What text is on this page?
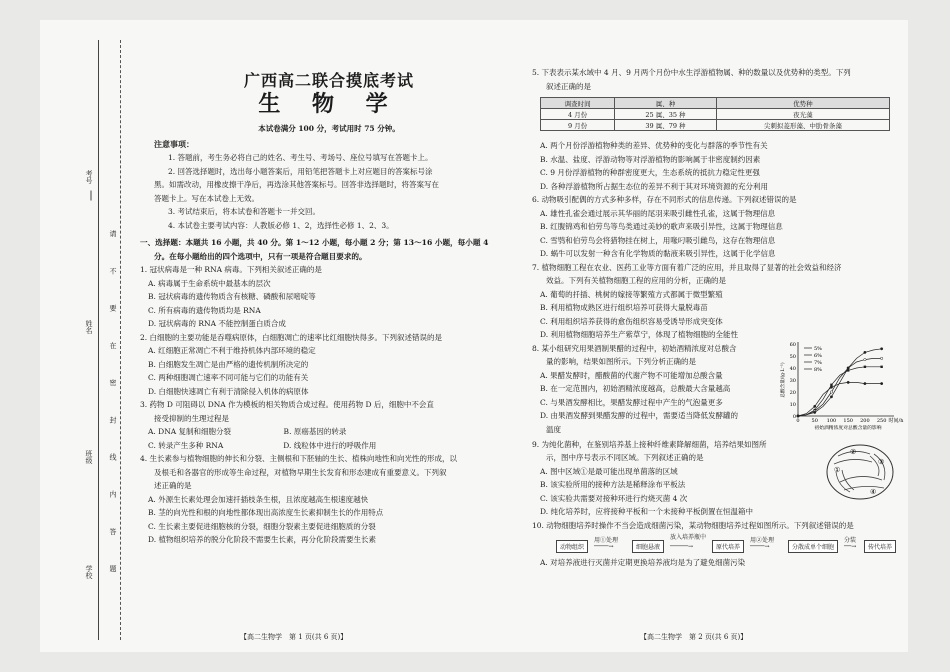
考号
姓名
班级
学校 请 不 要 在 密 封 线 内 答 题
广西高二联合摸底考试
生 物 学

本试卷满分 100 分，考试用时 75 分钟。

注意事项：

1. 答题前，考生务必将自己的姓名、考生号、考场号、座位号填写在答题卡上。

2. 回答选择题时，选出每小题答案后，用铅笔把答题卡上对应题目的答案标号涂

黑。如需改动，用橡皮擦干净后，再选涂其他答案标号。回答非选择题时，将答案写在

答题卡上。写在本试卷上无效。

3. 考试结束后，将本试卷和答题卡一并交回。

4. 本试卷主要考试内容：人教版必修 1、2，选择性必修 1、2、3。

一、选择题：本题共 16 小题，共 40 分。第 1～12 小题，每小题 2 分；第 13～16 小题，每小题 4

分。在每小题给出的四个选项中，只有一项是符合题目要求的。

1. 冠状病毒是一种 RNA 病毒。下列相关叙述正确的是

A. 病毒属于生命系统中最基本的层次

B. 冠状病毒的遗传物质含有核糖、磷酸和尿嘧啶等

C. 所有病毒的遗传物质均是 RNA

D. 冠状病毒的 RNA 不能控制蛋白质合成

2. 白细胞的主要功能是吞噬病原体，白细胞凋亡的速率比红细胞快得多。下列叙述错误的是

A. 红细胞正常凋亡不利于维持机体内部环境的稳定

B. 白细胞发生凋亡是由严格的遗传机制所决定的

C. 两种细胞凋亡速率不同可能与它们的功能有关

D. 白细胞快速凋亡有利于清除侵入机体的病原体

3. 药物 D 可阻碍以 DNA 作为模板的相关物质合成过程。使用药物 D 后，细胞中不会直

接受抑制的生理过程是

A. DNA 复制和细胞分裂　　　　　　　B. 原癌基因的转录

C. 转录产生多种 RNA　　　　　　　　D. 线粒体中进行的呼吸作用

4. 生长素参与植物细胞的伸长和分裂、主侧根和下胚轴的生长、植株向地性和向光性的形成，以

及根毛和各器官的形成等生命过程，对植物早期生长发育和形态建成有重要意义。下列叙

述正确的是

A. 外源生长素处理会加速扦插枝条生根，且浓度越高生根速度越快

B. 茎的向光性和根的向地性都体现出高浓度生长素抑制生长的作用特点

C. 生长素主要促进细胞核的分裂，细胞分裂素主要促进细胞质的分裂

D. 植物组织培养的脱分化阶段不需要生长素，再分化阶段需要生长素

5. 下表表示某水域中 4 月、9 月两个月份中水生浮游植物属、种的数量以及优势种的类型。下列

叙述正确的是

调查时间	属、种	优势种
4 月份	25 属、35 种	夜光藻
9 月份	39 属、79 种	尖刺拟菱形藻、中肋骨条藻

A. 两个月份浮游植物种类的差异、优势种的变化与群落的季节性有关

B. 水温、盐度、浮游动物等对浮游植物的影响属于非密度制约因素

C. 9 月份浮游植物的种群密度更大，生态系统的抵抗力稳定性更强

D. 各种浮游植物所占据生态位的差异不利于其对环境资源的充分利用

6. 动物吸引配偶的方式多种多样，存在不同形式的信息传递。下列叙述错误的是

A. 雄性孔雀会通过展示其华丽的尾羽来吸引雌性孔雀，这属于物理信息

B. 红腹锦鸡和伯劳鸟等鸟类通过美妙的歌声来吸引异性，这属于物理信息

C. 雪鸮和伯劳鸟会将猎物挂在树上，用喙叼吸引雌鸟，这存在物理信息

D. 蜗牛可以发射一种含有化学物质的黏液来吸引异性，这属于化学信息

7. 植物细胞工程在农业、医药工业等方面有着广泛的应用，并且取得了显著的社会效益和经济

效益。下列有关植物细胞工程的应用的分析，正确的是

A. 葡萄的扦插、桃树的嫁接等繁殖方式都属于微型繁殖

B. 利用植物成熟区进行组织培养可获得大量脱毒苗

C. 利用组织培养获得的愈伤组织容易受诱导形成突变体

D. 利用植物细胞培养生产紫草宁，体现了植物细胞的全能性

8. 某小组研究用果酒制果醋的过程中，初始酒精浓度对总酸含

量的影响，结果如图所示。下列分析正确的是

A. 果醋发酵时，醋酸菌的代谢产物不可能增加总酸含量

B. 在一定范围内，初始酒精浓度越高，总酸最大含量越高

C. 与果酒发酵相比，果醋发酵过程中产生的气泡量更多

D. 由果酒发酵到果醋发酵的过程中，需要适当降低发酵罐的

温度

0
10
20
30
40
50
60
0 50 100 150 200 250 时间/h
总酸含量/(g·L⁻¹)
5%
6%
7%
8%
初始酒精浓度对总酸含量的影响

9. 为纯化菌种，在鉴别培养基上接种纤维素降解细菌，培养结果如图所

示，图中序号表示不同区域。下列叙述正确的是

A. 图中区域①是最可能出现单菌落的区域

B. 该实验所用的接种方法是稀释涂布平板法

C. 该实验共需要对接种环进行灼烧灭菌 4 次

D. 纯化培养时，应将接种平板和一个未接种平板倒置在恒温箱中

①
②
③
④

10. 动物细胞培养时操作不当会造成细菌污染，某动物细胞培养过程如图所示。下列叙述错误的是

动物组织
用①处理
────→	细胞悬液
放入培养瓶中
─────→	原代培养
用②处理
────→	分散成单个细胞
分装
──→	传代培养

A. 对培养液进行灭菌并定期更换培养液均是为了避免细菌污染

【高二生物学　第 1 页(共 6 页)】	【高二生物学　第 2 页(共 6 页)】
